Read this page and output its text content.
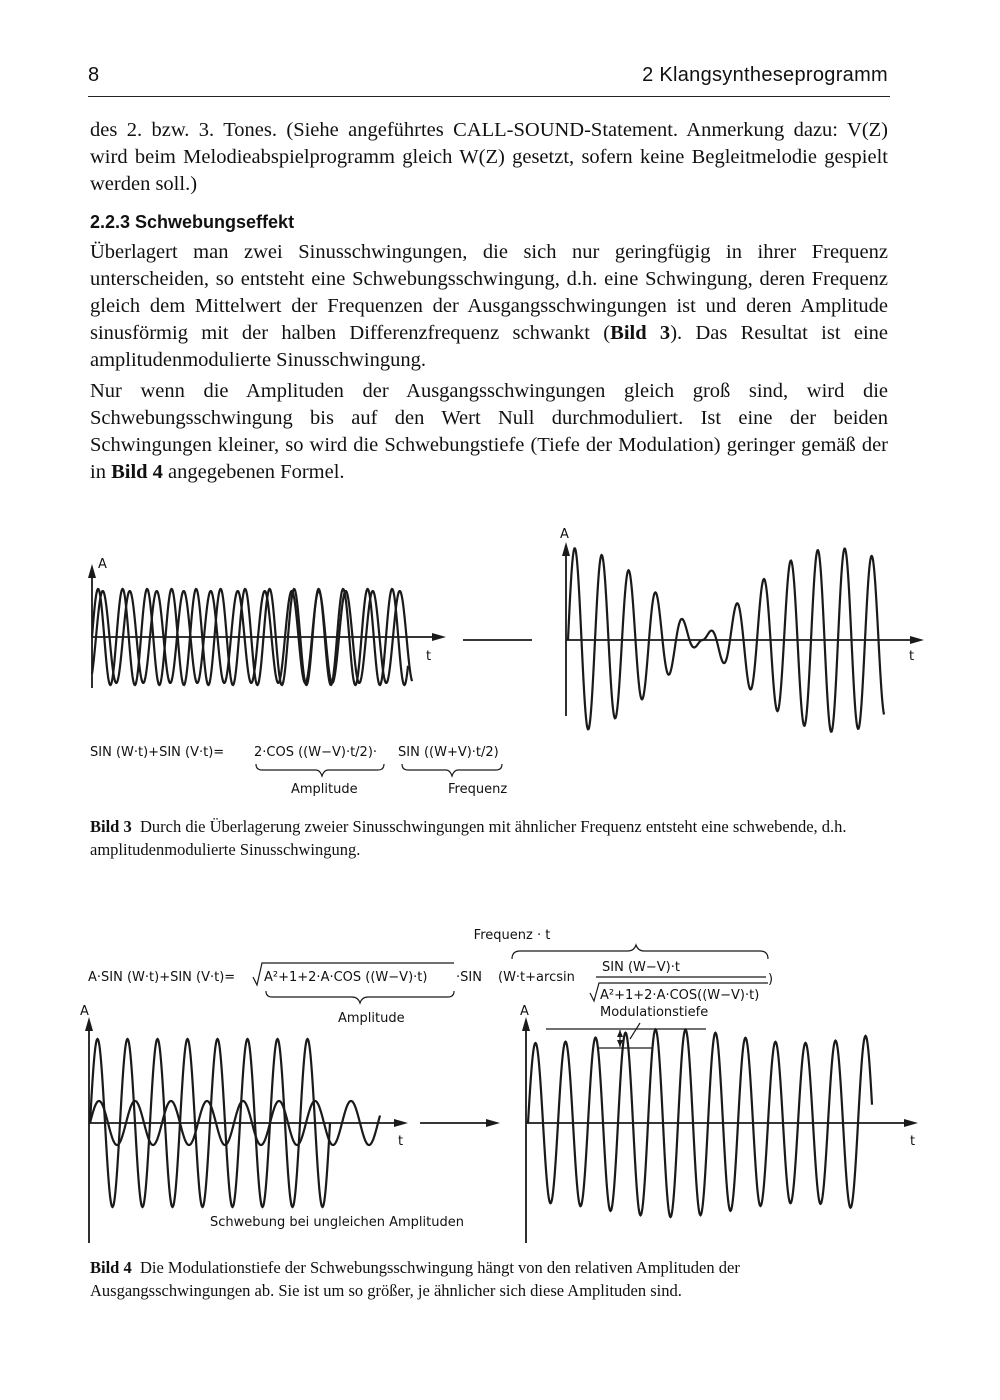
8	2 Klangsyntheseprogramm
des 2. bzw. 3. Tones. (Siehe angeführtes CALL-SOUND-Statement. Anmerkung dazu: V(Z) wird beim Melodieabspielprogramm gleich W(Z) gesetzt, sofern keine Begleitmelodie gespielt werden soll.)
2.2.3 Schwebungseffekt
Überlagert man zwei Sinusschwingungen, die sich nur geringfügig in ihrer Frequenz unterscheiden, so entsteht eine Schwebungsschwingung, d.h. eine Schwingung, deren Frequenz gleich dem Mittelwert der Frequenzen der Ausgangsschwingungen ist und deren Amplitude sinusförmig mit der halben Differenzfrequenz schwankt (Bild 3). Das Resultat ist eine amplitudenmodulierte Sinusschwingung.
Nur wenn die Amplituden der Ausgangsschwingungen gleich groß sind, wird die Schwebungsschwingung bis auf den Wert Null durchmoduliert. Ist eine der beiden Schwingungen kleiner, so wird die Schwebungstiefe (Tiefe der Modulation) geringer gemäß der in Bild 4 angegebenen Formel.
A
t
A
t
SIN (W·t)+SIN (V·t)= 2·COS ((W−V)·t/2)· SIN ((W+V)·t/2)
Amplitude	Frequenz
Bild 3 Durch die Überlagerung zweier Sinusschwingungen mit ähnlicher Frequenz entsteht eine schwebende, d.h. amplitudenmodulierte Sinusschwingung.
Frequenz · t
A·SIN (W·t)+SIN (V·t)= A²+1+2·A·COS ((W−V)·t) ·SIN (W·t+arcsin
SIN (W−V)·t
A²+1+2·A·COS((W−V)·t)
)
Amplitude
A
t
Schwebung bei ungleichen Amplituden
A
t
Modulationstiefe
Bild 4 Die Modulationstiefe der Schwebungsschwingung hängt von den relativen Amplituden der Ausgangsschwingungen ab. Sie ist um so größer, je ähnlicher sich diese Amplituden sind.
